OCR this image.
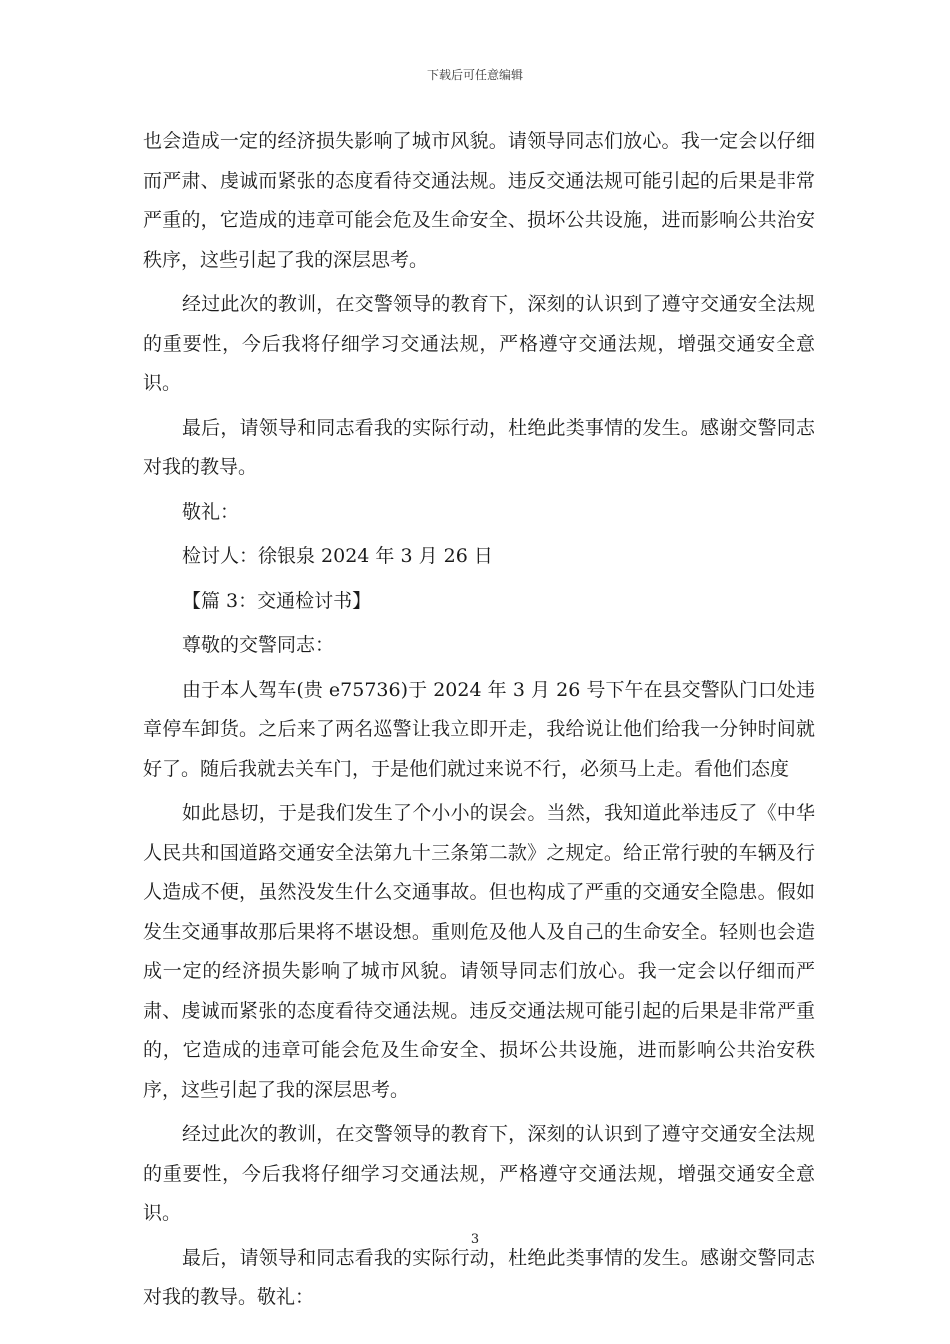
下载后可任意编辑

也会造成一定的经济损失影响了城市风貌。请领导同志们放心。我一定会以仔细而严肃、虔诚而紧张的态度看待交通法规。违反交通法规可能引起的后果是非常严重的，它造成的违章可能会危及生命安全、损坏公共设施，进而影响公共治安秩序，这些引起了我的深层思考。

经过此次的教训，在交警领导的教育下，深刻的认识到了遵守交通安全法规的重要性，今后我将仔细学习交通法规，严格遵守交通法规，增强交通安全意识。

最后，请领导和同志看我的实际行动，杜绝此类事情的发生。感谢交警同志对我的教导。

敬礼：

检讨人：徐银泉 2024 年 3 月 26 日

【篇 3：交通检讨书】

尊敬的交警同志：

由于本人驾车(贵 e75736)于 2024 年 3 月 26 号下午在县交警队门口处违章停车卸货。之后来了两名巡警让我立即开走，我给说让他们给我一分钟时间就好了。随后我就去关车门，于是他们就过来说不行，必须马上走。看他们态度

如此恳切，于是我们发生了个小小的误会。当然，我知道此举违反了《中华人民共和国道路交通安全法第九十三条第二款》之规定。给正常行驶的车辆及行人造成不便，虽然没发生什么交通事故。但也构成了严重的交通安全隐患。假如发生交通事故那后果将不堪设想。重则危及他人及自己的生命安全。轻则也会造成一定的经济损失影响了城市风貌。请领导同志们放心。我一定会以仔细而严肃、虔诚而紧张的态度看待交通法规。违反交通法规可能引起的后果是非常严重的，它造成的违章可能会危及生命安全、损坏公共设施，进而影响公共治安秩序，这些引起了我的深层思考。

经过此次的教训，在交警领导的教育下，深刻的认识到了遵守交通安全法规的重要性，今后我将仔细学习交通法规，严格遵守交通法规，增强交通安全意识。

最后，请领导和同志看我的实际行动，杜绝此类事情的发生。感谢交警同志对我的教导。敬礼：

3
